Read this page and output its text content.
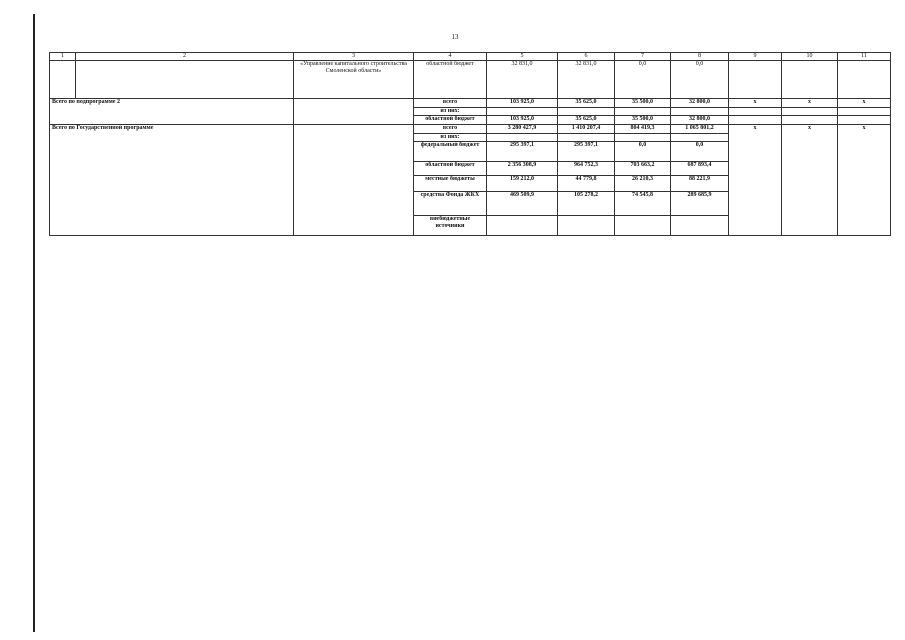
13
1	2	3	4	5	6	7	8	9	10	11
		«Управление капитального строительства Смоленской области»	областной бюджет	32 831,0	32 831,0	0,0	0,0			
Всего по подпрограмме 2			всего	103 925,0	35 625,0	35 500,0	32 800,0	х	х	х
			из них:							
			областной бюджет	103 925,0	35 625,0	35 500,0	32 800,0			
Всего по Государственной программе			всего	3 280 427,9	1 410 207,4	804 419,3	1 065 801,2	х	х	х
			из них:							
			федеральный бюджет	295 397,1	295 397,1	0,0	0,0			
			областной бюджет	2 356 308,9	964 752,3	703 663,2	687 893,4			
			местные бюджеты	159 212,0	44 779,8	26 210,3	88 221,9			
			средства Фонда ЖКХ	469 509,9	105 278,2	74 545,8	289 685,9			
			внебюджетные источники							
